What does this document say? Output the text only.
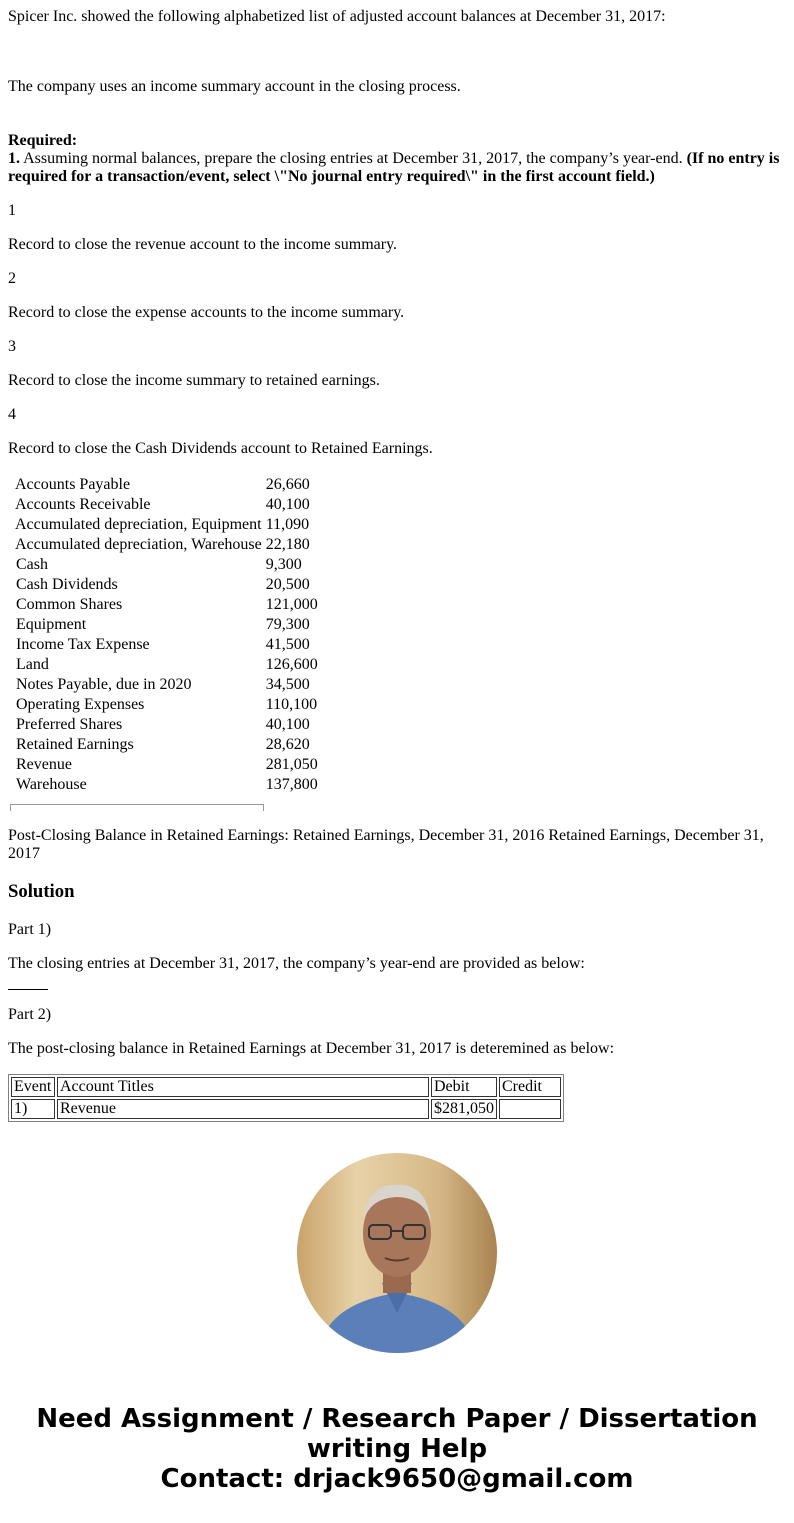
Spicer Inc. showed the following alphabetized list of adjusted account balances at December 31, 2017:

The company uses an income summary account in the closing process.

Required:
1. Assuming normal balances, prepare the closing entries at December 31, 2017, the company’s year-end. (If no entry is required for a transaction/event, select \"No journal entry required\" in the first account field.)

1

Record to close the revenue account to the income summary.

2

Record to close the expense accounts to the income summary.

3

Record to close the income summary to retained earnings.

4

Record to close the Cash Dividends account to Retained Earnings.

Accounts Payable	26,660
Accounts Receivable	40,100
Accumulated depreciation, Equipment	11,090
Accumulated depreciation, Warehouse	22,180
Cash	9,300
Cash Dividends	20,500
Common Shares	121,000
Equipment	79,300
Income Tax Expense	41,500
Land	126,600
Notes Payable, due in 2020	34,500
Operating Expenses	110,100
Preferred Shares	40,100
Retained Earnings	28,620
Revenue	281,050
Warehouse	137,800

Post-Closing Balance in Retained Earnings: Retained Earnings, December 31, 2016 Retained Earnings, December 31, 2017

Solution

Part 1)

The closing entries at December 31, 2017, the company’s year-end are provided as below:

Part 2)

The post-closing balance in Retained Earnings at December 31, 2017 is deteremined as below:

Event	Account Titles	Debit	Credit
1)	Revenue	$281,050	
Need Assignment / Research Paper / Dissertation
writing Help
Contact: drjack9650@gmail.com
